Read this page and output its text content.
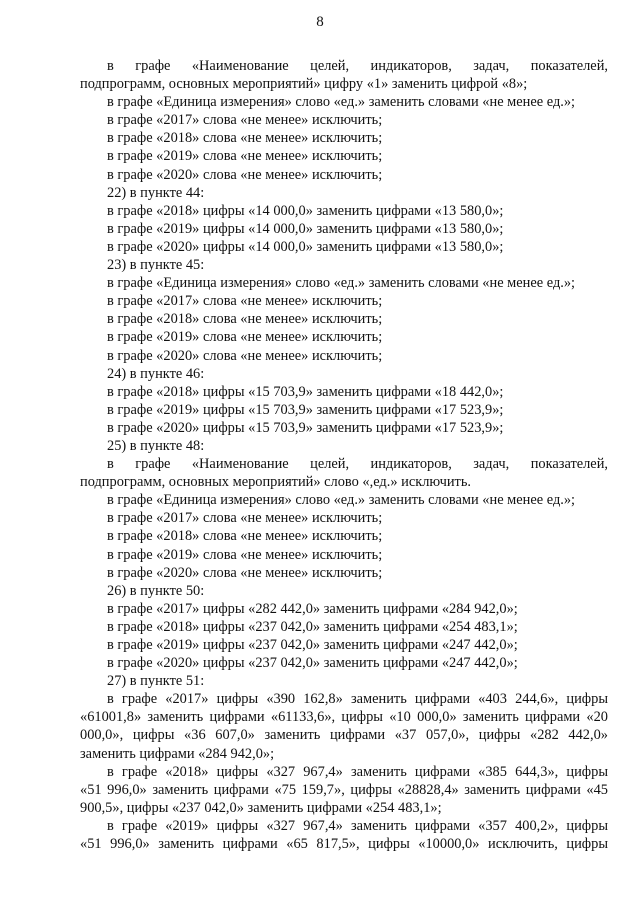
8
в графе «Наименование целей, индикаторов, задач, показателей,
подпрограмм, основных мероприятий» цифру «1» заменить цифрой «8»;
в графе «Единица измерения» слово «ед.» заменить словами «не менее ед.»;
в графе «2017» слова «не менее» исключить;
в графе «2018» слова «не менее» исключить;
в графе «2019» слова «не менее» исключить;
в графе «2020» слова «не менее» исключить;
22) в пункте 44:
в графе «2018» цифры «14 000,0» заменить цифрами «13 580,0»;
в графе «2019» цифры «14 000,0» заменить цифрами «13 580,0»;
в графе «2020» цифры «14 000,0» заменить цифрами «13 580,0»;
23) в пункте 45:
в графе «Единица измерения» слово «ед.» заменить словами «не менее ед.»;
в графе «2017» слова «не менее» исключить;
в графе «2018» слова «не менее» исключить;
в графе «2019» слова «не менее» исключить;
в графе «2020» слова «не менее» исключить;
24) в пункте 46:
в графе «2018» цифры «15 703,9» заменить цифрами «18 442,0»;
в графе «2019» цифры «15 703,9» заменить цифрами «17 523,9»;
в графе «2020» цифры «15 703,9» заменить цифрами «17 523,9»;
25) в пункте 48:
в графе «Наименование целей, индикаторов, задач, показателей,
подпрограмм, основных мероприятий» слово «,ед.» исключить.
в графе «Единица измерения» слово «ед.» заменить словами «не менее ед.»;
в графе «2017» слова «не менее» исключить;
в графе «2018» слова «не менее» исключить;
в графе «2019» слова «не менее» исключить;
в графе «2020» слова «не менее» исключить;
26) в пункте 50:
в графе «2017» цифры «282 442,0» заменить цифрами «284 942,0»;
в графе «2018» цифры «237 042,0» заменить цифрами «254 483,1»;
в графе «2019» цифры «237 042,0» заменить цифрами «247 442,0»;
в графе «2020» цифры «237 042,0» заменить цифрами «247 442,0»;
27) в пункте 51:
в графе «2017» цифры «390 162,8» заменить цифрами «403 244,6», цифры
«61001,8» заменить цифрами «61133,6», цифры «10 000,0» заменить цифрами «20
000,0», цифры «36 607,0» заменить цифрами «37 057,0», цифры «282 442,0»
заменить цифрами «284 942,0»;
в графе «2018» цифры «327 967,4» заменить цифрами «385 644,3», цифры
«51 996,0» заменить цифрами «75 159,7», цифры «28828,4» заменить цифрами «45
900,5», цифры «237 042,0» заменить цифрами «254 483,1»;
в графе «2019» цифры «327 967,4» заменить цифрами «357 400,2», цифры
«51 996,0» заменить цифрами «65 817,5», цифры «10000,0» исключить, цифры
